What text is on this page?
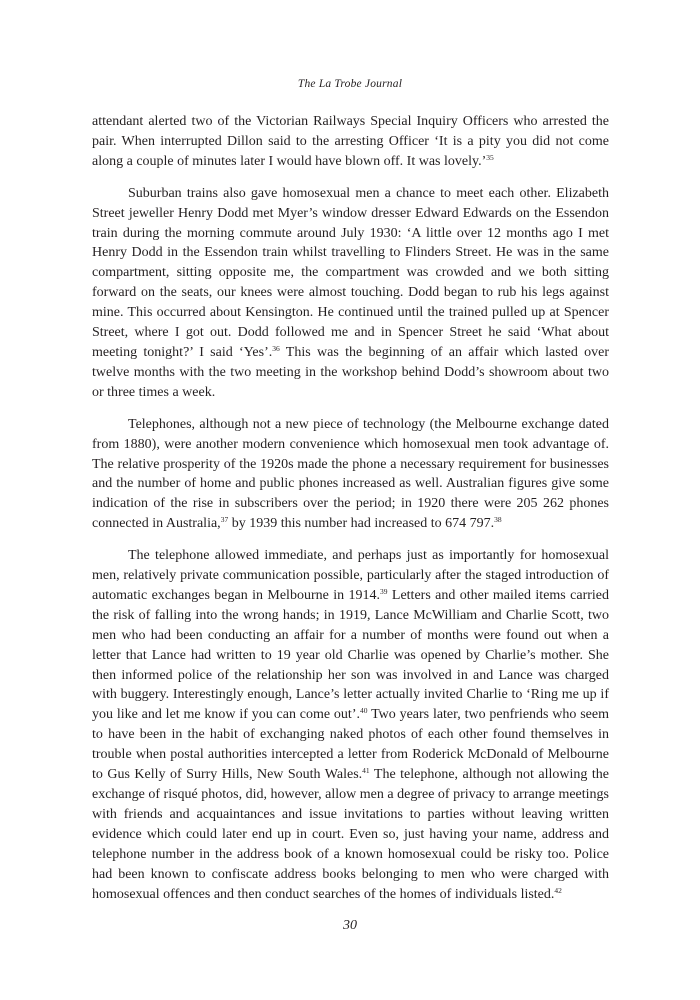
The La Trobe Journal

attendant alerted two of the Victorian Railways Special Inquiry Officers who arrested the pair. When interrupted Dillon said to the arresting Officer ‘It is a pity you did not come along a couple of minutes later I would have blown off. It was lovely.’$^{35}$

Suburban trains also gave homosexual men a chance to meet each other. Elizabeth Street jeweller Henry Dodd met Myer’s window dresser Edward Edwards on the Essendon train during the morning commute around July 1930: ‘A little over 12 months ago I met Henry Dodd in the Essendon train whilst travelling to Flinders Street. He was in the same compartment, sitting opposite me, the compartment was crowded and we both sitting forward on the seats, our knees were almost touching. Dodd began to rub his legs against mine. This occurred about Kensington. He continued until the trained pulled up at Spencer Street, where I got out. Dodd followed me and in Spencer Street he said ‘What about meeting tonight?’ I said ‘Yes’.$^{36}$ This was the beginning of an affair which lasted over twelve months with the two meeting in the workshop behind Dodd’s showroom about two or three times a week.

Telephones, although not a new piece of technology (the Melbourne exchange dated from 1880), were another modern convenience which homosexual men took advantage of. The relative prosperity of the 1920s made the phone a necessary requirement for businesses and the number of home and public phones increased as well. Australian figures give some indication of the rise in subscribers over the period; in 1920 there were 205 262 phones connected in Australia,$^{37}$ by 1939 this number had increased to 674 797.38

The telephone allowed immediate, and perhaps just as importantly for homosexual men, relatively private communication possible, particularly after the staged introduction of automatic exchanges began in Melbourne in 1914.39 Letters and other mailed items carried the risk of falling into the wrong hands; in 1919, Lance McWilliam and Charlie Scott, two men who had been conducting an affair for a number of months were found out when a letter that Lance had written to 19 year old Charlie was opened by Charlie’s mother. She then informed police of the relationship her son was involved in and Lance was charged with buggery. Interestingly enough, Lance’s letter actually invited Charlie to ‘Ring me up if you like and let me know if you can come out’.$^{40}$ Two years later, two penfriends who seem to have been in the habit of exchanging naked photos of each other found themselves in trouble when postal authorities intercepted a letter from Roderick McDonald of Melbourne to Gus Kelly of Surry Hills, New South Wales.$^{41}$ The telephone, although not allowing the exchange of risqué photos, did, however, allow men a degree of privacy to arrange meetings with friends and acquaintances and issue invitations to parties without leaving written evidence which could later end up in court. Even so, just having your name, address and telephone number in the address book of a known homosexual could be risky too. Police had been known to confiscate address books belonging to men who were charged with homosexual offences and then conduct searches of the homes of individuals listed.$^{42}$

30
